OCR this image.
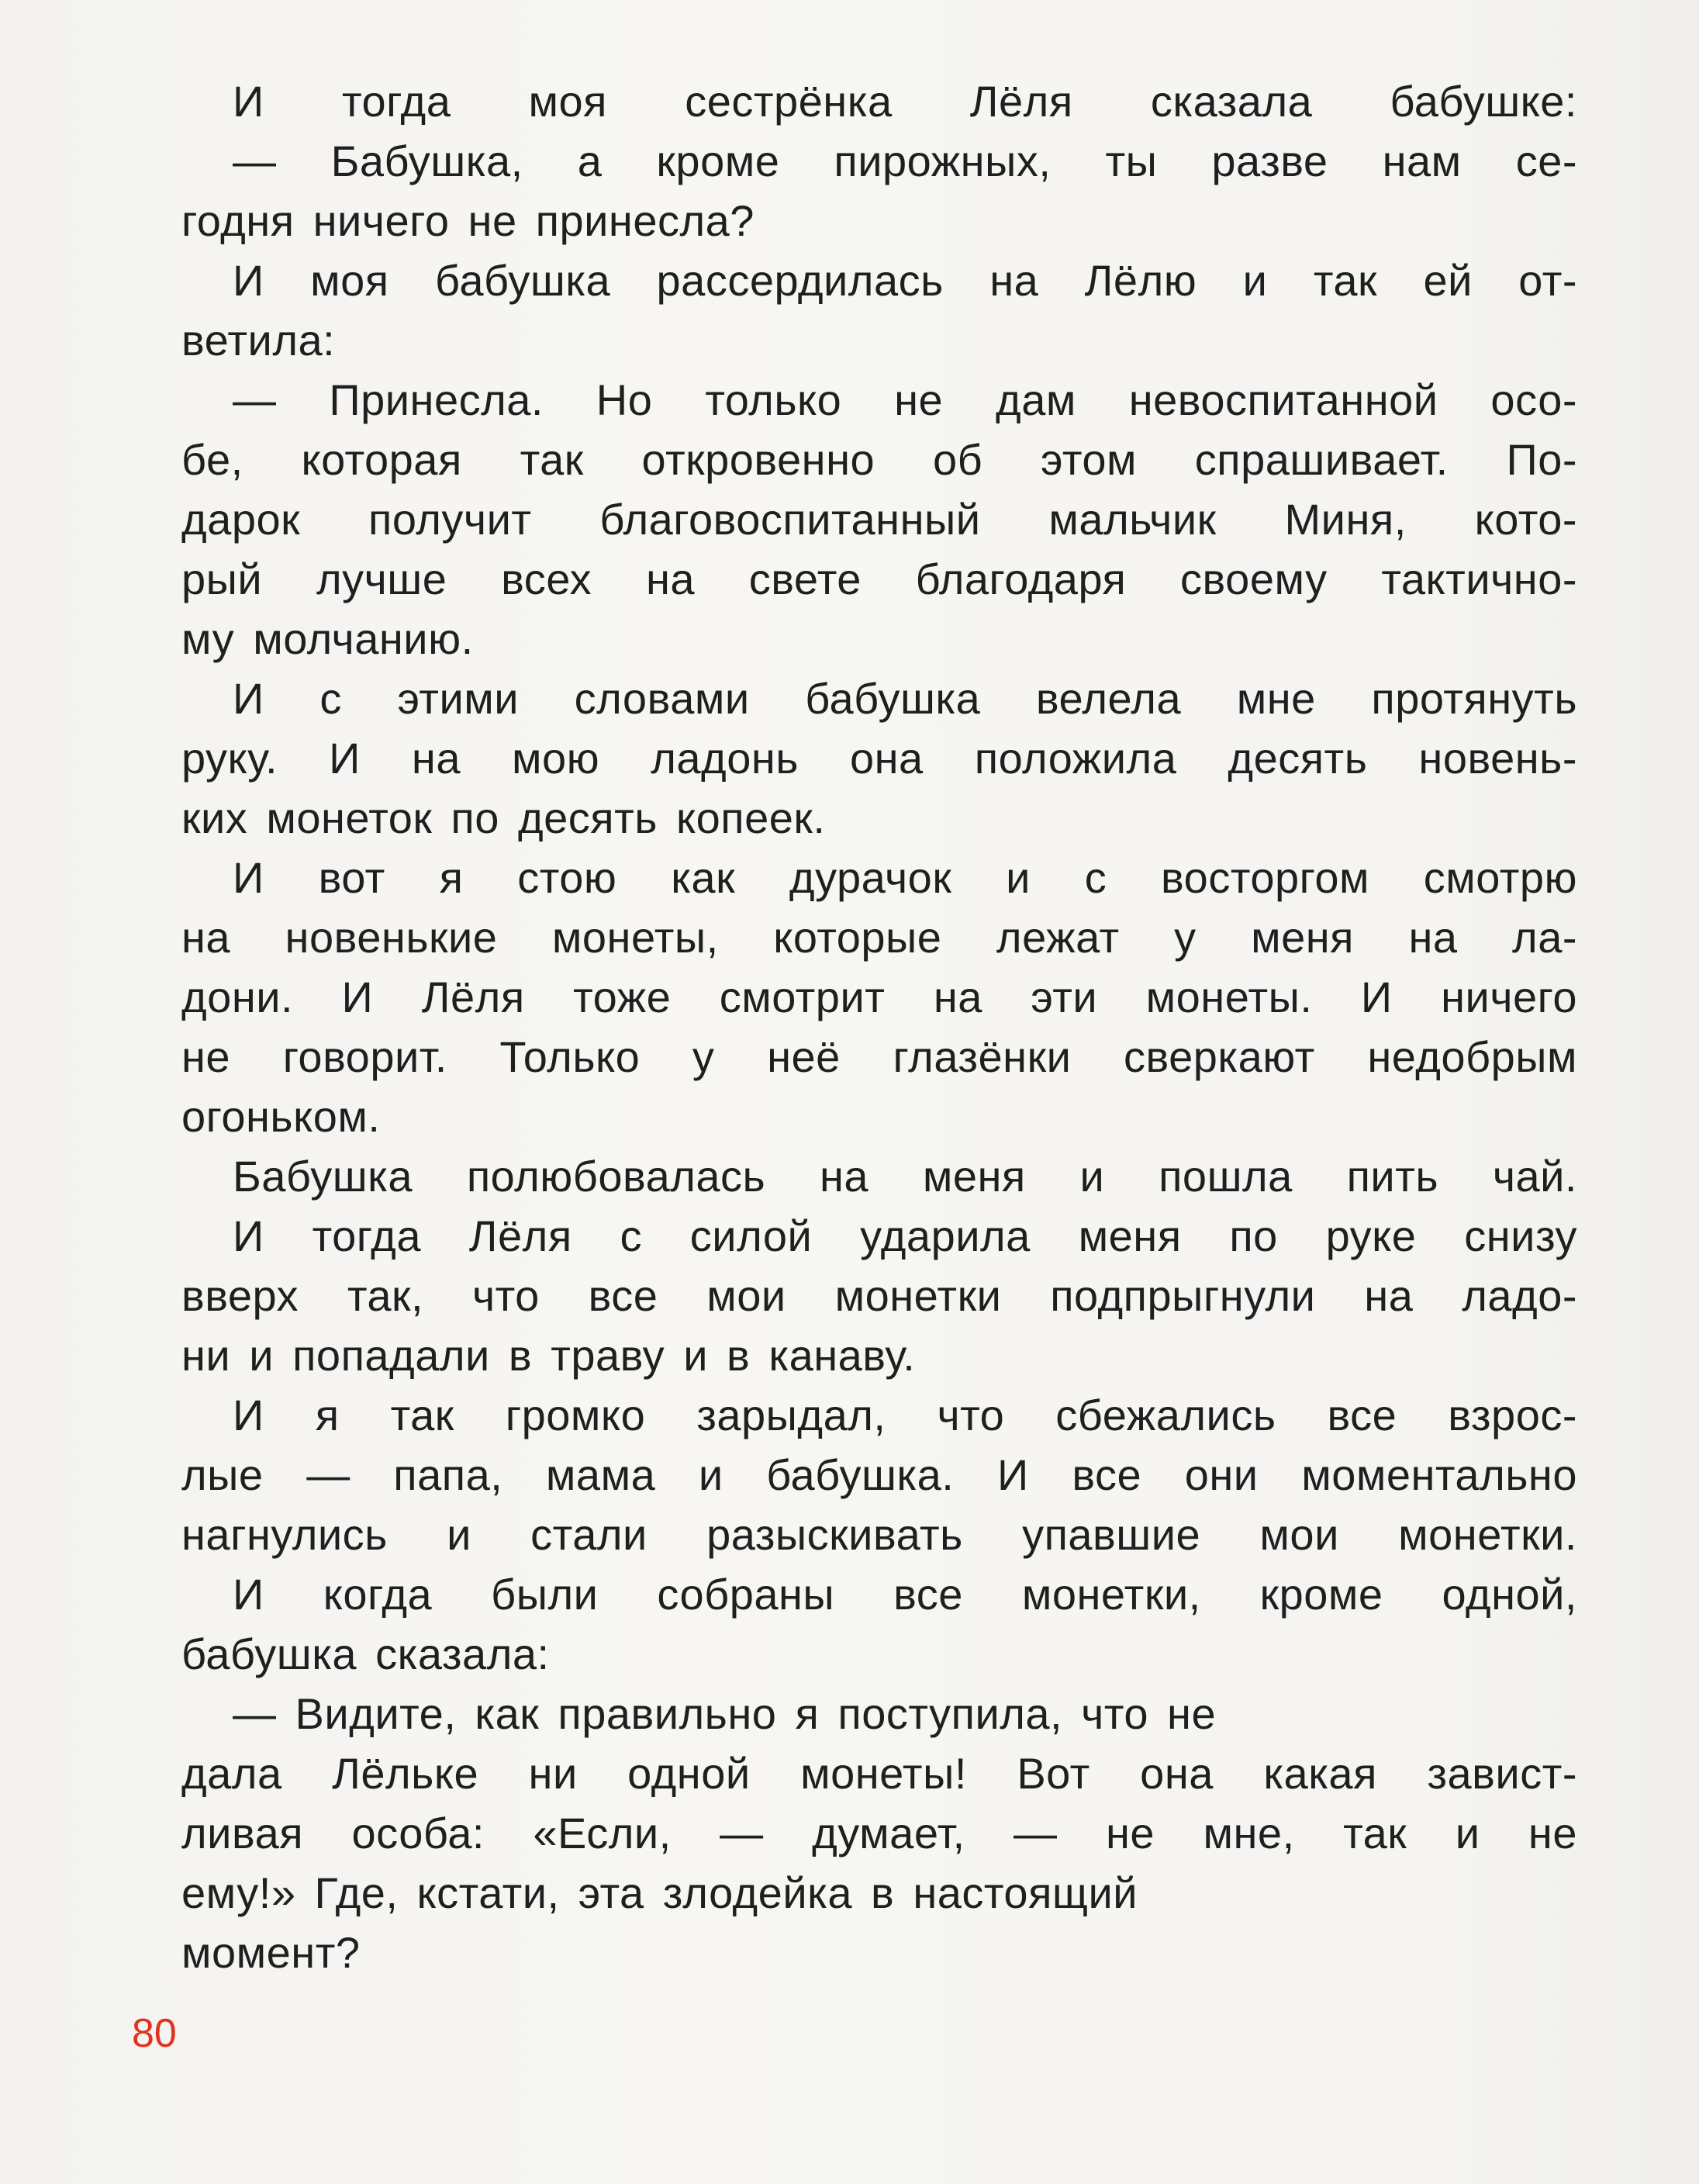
И тогда моя сестрёнка Лёля сказала бабушке:
— Бабушка, а кроме пирожных, ты разве нам се-
годня ничего не принесла?
И моя бабушка рассердилась на Лёлю и так ей от-
ветила:
— Принесла. Но только не дам невоспитанной осо-
бе, которая так откровенно об этом спрашивает. По-
дарок получит благовоспитанный мальчик Миня, кото-
рый лучше всех на свете благодаря своему тактично-
му молчанию.
И с этими словами бабушка велела мне протянуть
руку. И на мою ладонь она положила десять новень-
ких монеток по десять копеек.
И вот я стою как дурачок и с восторгом смотрю
на новенькие монеты, которые лежат у меня на ла-
дони. И Лёля тоже смотрит на эти монеты. И ничего
не говорит. Только у неё глазёнки сверкают недобрым
огоньком.
Бабушка полюбовалась на меня и пошла пить чай.
И тогда Лёля с силой ударила меня по руке снизу
вверх так, что все мои монетки подпрыгнули на ладо-
ни и попадали в траву и в канаву.
И я так громко зарыдал, что сбежались все взрос-
лые — папа, мама и бабушка. И все они моментально
нагнулись и стали разыскивать упавшие мои монетки.
И когда были собраны все монетки, кроме одной,
бабушка сказала:
— Видите, как правильно я поступила, что не
дала Лёльке ни одной монеты! Вот она какая завист-
ливая особа: «Если, — думает, — не мне, так и не
ему!» Где, кстати, эта злодейка в настоящий
момент?
80
